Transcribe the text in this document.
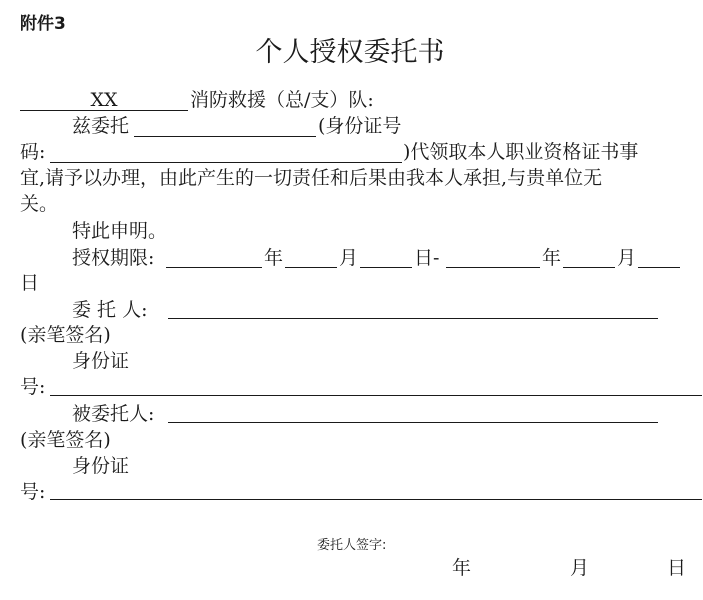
附件3
个人授权委托书
XX	消防救援（总/支）队:
兹委托	(身份证号
码:	)代领取本人职业资格证书事
宜,请予以办理，由此产生的一切责任和后果由我本人承担,与贵单位无
关。
特此申明。
授权期限:	年	月	日-	年	月
日
委 托 人:
(亲笔签名)
身份证
号:
被委托人:
(亲笔签名)
身份证
号:
委托人签字:
年	月	日
